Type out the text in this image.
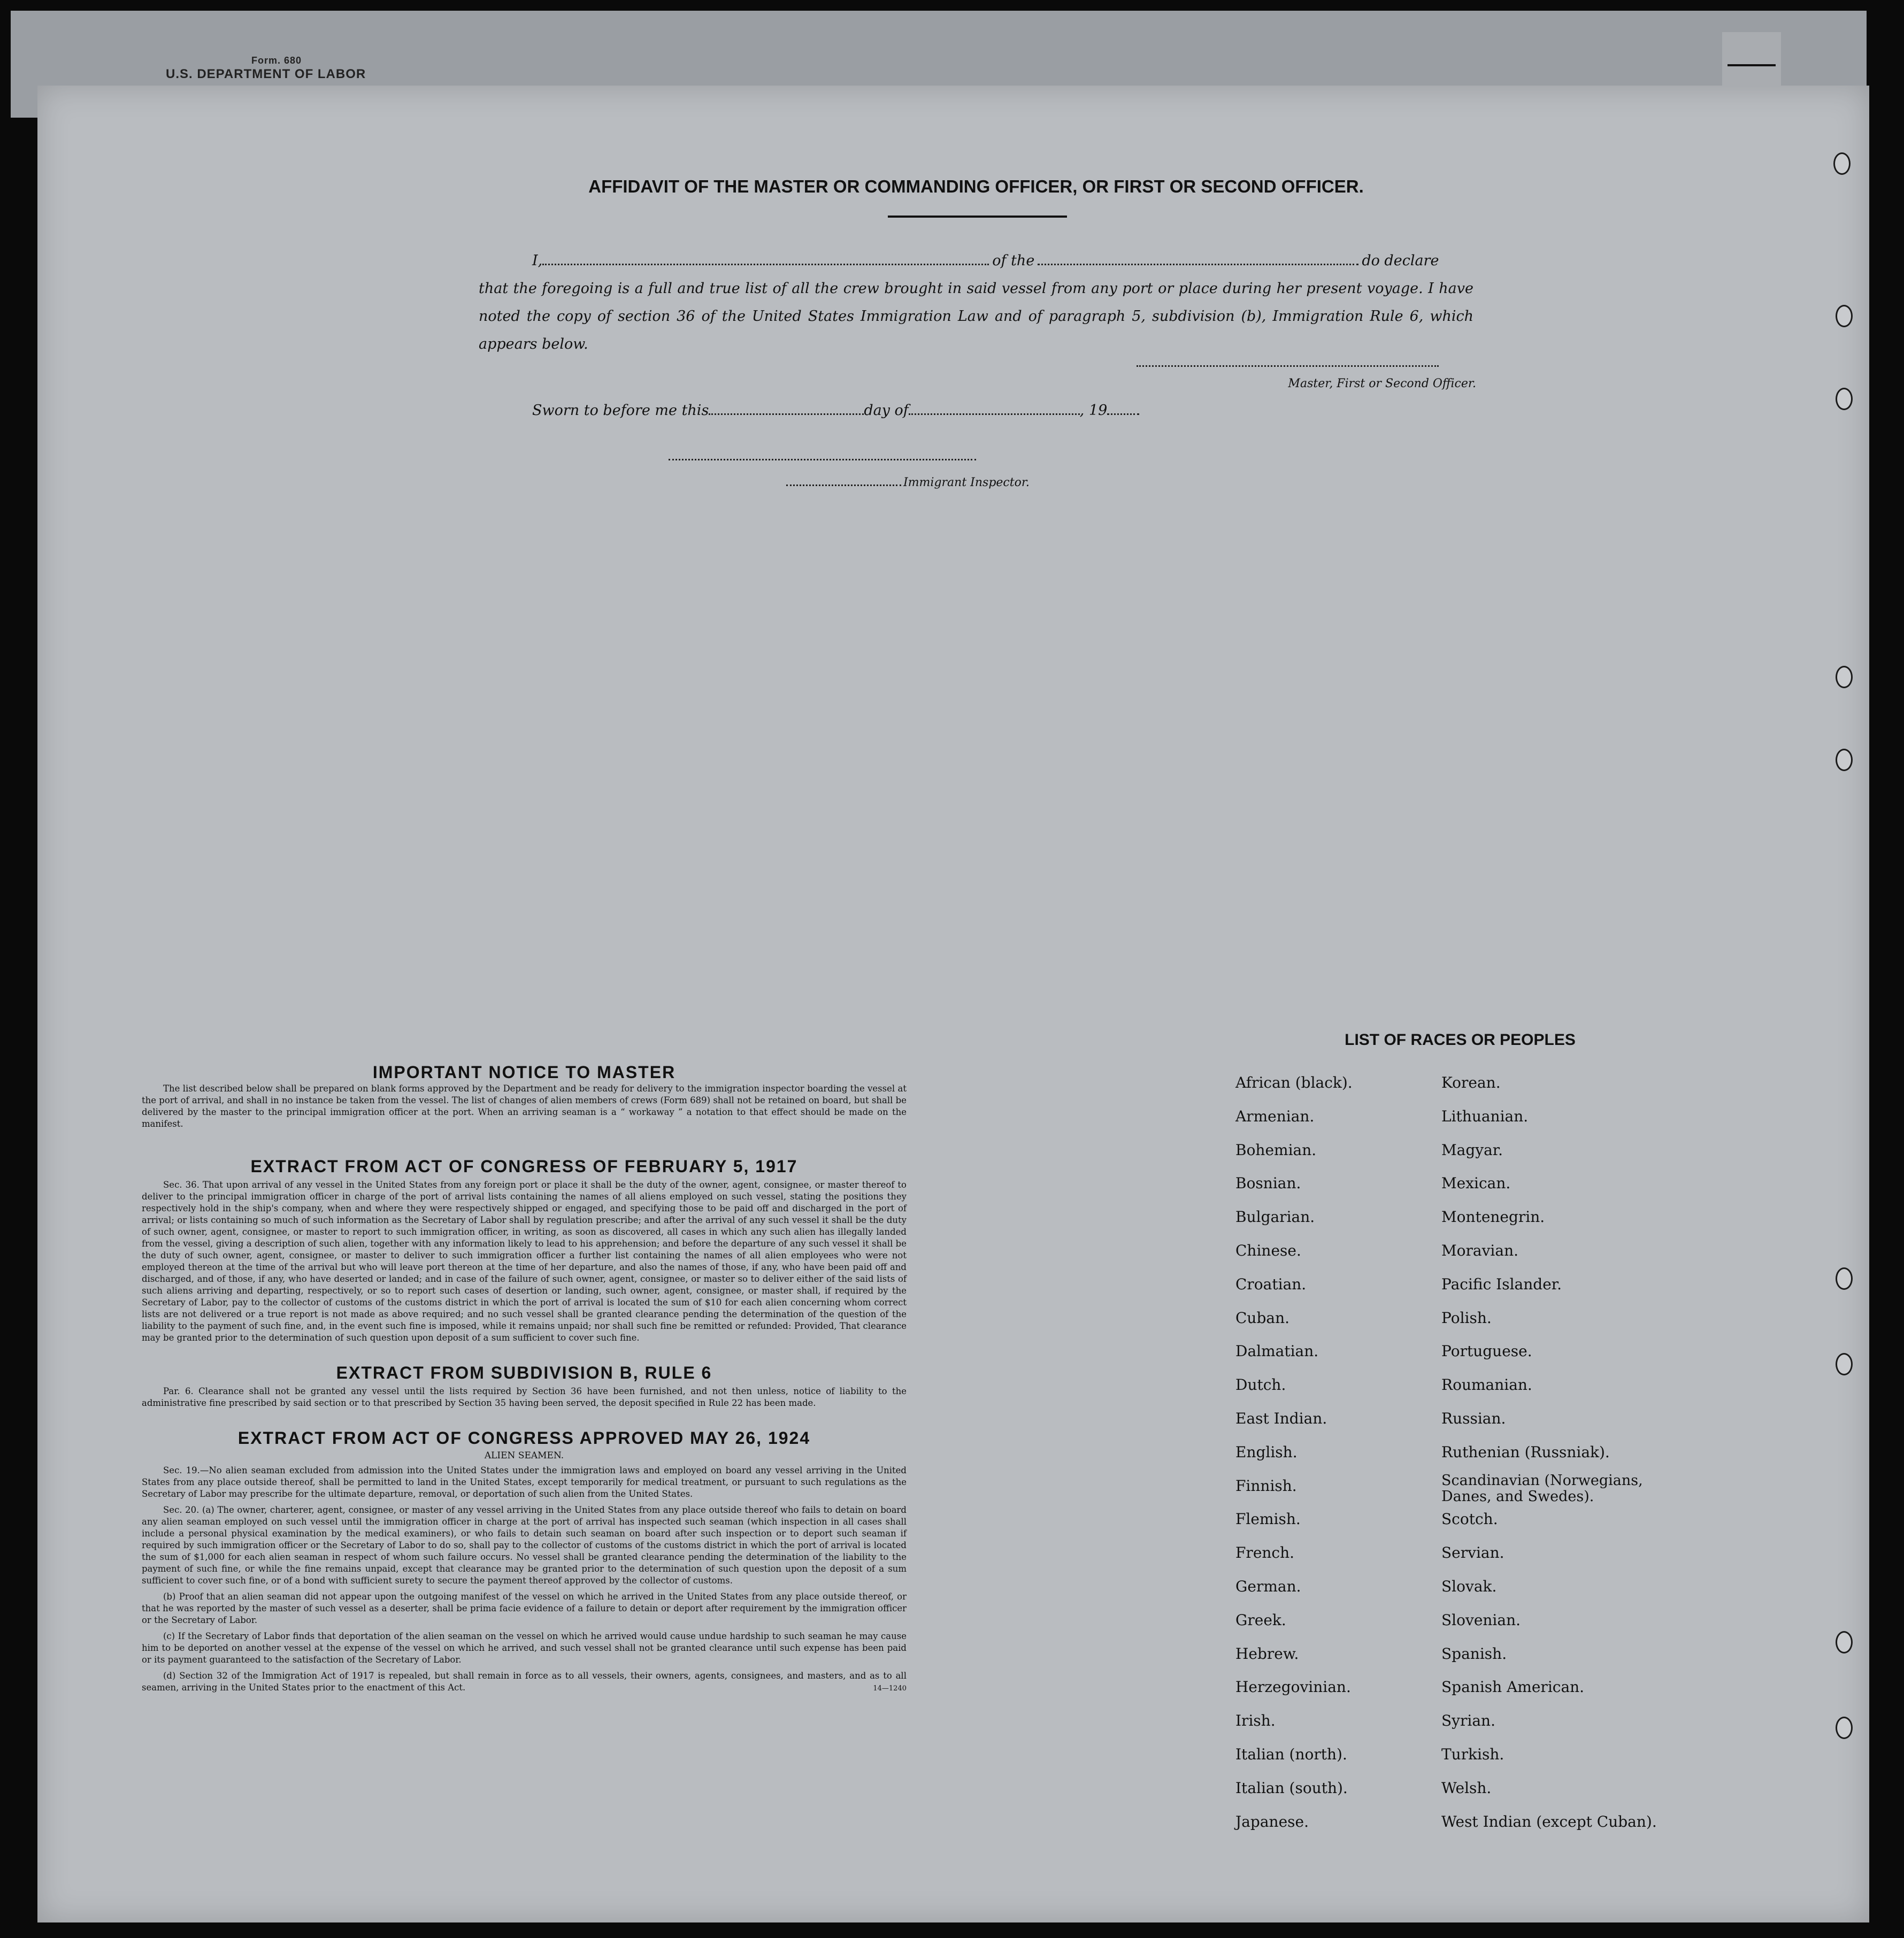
Form. 680
U.S. DEPARTMENT OF LABOR
AFFIDAVIT OF THE MASTER OR COMMANDING OFFICER, OR FIRST OR SECOND OFFICER.

I,	of the	do declare

that the foregoing is a full and true list of all the crew brought in said vessel from any port or place during her present voyage. I have noted the copy of section 36 of the United States Immigration Law and of paragraph 5, subdivision (b), Immigration Rule 6, which appears below.

Master, First or Second Officer.
Sworn to before me this	day of	, 19
Immigrant Inspector.
IMPORTANT NOTICE TO MASTER

The list described below shall be prepared on blank forms approved by the Department and be ready for delivery to the immigration inspector boarding the vessel at the port of arrival, and shall in no instance be taken from the vessel. The list of changes of alien members of crews (Form 689) shall not be retained on board, but shall be delivered by the master to the principal immigration officer at the port. When an arriving seaman is a “ workaway ” a notation to that effect should be made on the manifest.

EXTRACT FROM ACT OF CONGRESS OF FEBRUARY 5, 1917

Sec. 36. That upon arrival of any vessel in the United States from any foreign port or place it shall be the duty of the owner, agent, consignee, or master thereof to deliver to the principal immigration officer in charge of the port of arrival lists containing the names of all aliens employed on such vessel, stating the positions they respectively hold in the ship's company, when and where they were respectively shipped or engaged, and specifying those to be paid off and discharged in the port of arrival; or lists containing so much of such information as the Secretary of Labor shall by regulation prescribe; and after the arrival of any such vessel it shall be the duty of such owner, agent, consignee, or master to report to such immigration officer, in writing, as soon as discovered, all cases in which any such alien has illegally landed from the vessel, giving a description of such alien, together with any information likely to lead to his apprehension; and before the departure of any such vessel it shall be the duty of such owner, agent, consignee, or master to deliver to such immigration officer a further list containing the names of all alien employees who were not employed thereon at the time of the arrival but who will leave port thereon at the time of her departure, and also the names of those, if any, who have been paid off and discharged, and of those, if any, who have deserted or landed; and in case of the failure of such owner, agent, consignee, or master so to deliver either of the said lists of such aliens arriving and departing, respectively, or so to report such cases of desertion or landing, such owner, agent, consignee, or master shall, if required by the Secretary of Labor, pay to the collector of customs of the customs district in which the port of arrival is located the sum of $10 for each alien concerning whom correct lists are not delivered or a true report is not made as above required; and no such vessel shall be granted clearance pending the determination of the question of the liability to the payment of such fine, and, in the event such fine is imposed, while it remains unpaid; nor shall such fine be remitted or refunded: Provided, That clearance may be granted prior to the determination of such question upon deposit of a sum sufficient to cover such fine.

EXTRACT FROM SUBDIVISION B, RULE 6

Par. 6. Clearance shall not be granted any vessel until the lists required by Section 36 have been furnished, and not then unless, notice of liability to the administrative fine prescribed by said section or to that prescribed by Section 35 having been served, the deposit specified in Rule 22 has been made.

EXTRACT FROM ACT OF CONGRESS APPROVED MAY 26, 1924
ALIEN SEAMEN.

Sec. 19.—No alien seaman excluded from admission into the United States under the immigration laws and employed on board any vessel arriving in the United States from any place outside thereof, shall be permitted to land in the United States, except temporarily for medical treatment, or pursuant to such regulations as the Secretary of Labor may prescribe for the ultimate departure, removal, or deportation of such alien from the United States.

Sec. 20. (a) The owner, charterer, agent, consignee, or master of any vessel arriving in the United States from any place outside thereof who fails to detain on board any alien seaman employed on such vessel until the immigration officer in charge at the port of arrival has inspected such seaman (which inspection in all cases shall include a personal physical examination by the medical examiners), or who fails to detain such seaman on board after such inspection or to deport such seaman if required by such immigration officer or the Secretary of Labor to do so, shall pay to the collector of customs of the customs district in which the port of arrival is located the sum of $1,000 for each alien seaman in respect of whom such failure occurs. No vessel shall be granted clearance pending the determination of the liability to the payment of such fine, or while the fine remains unpaid, except that clearance may be granted prior to the determination of such question upon the deposit of a sum sufficient to cover such fine, or of a bond with sufficient surety to secure the payment thereof approved by the collector of customs.

(b) Proof that an alien seaman did not appear upon the outgoing manifest of the vessel on which he arrived in the United States from any place outside thereof, or that he was reported by the master of such vessel as a deserter, shall be prima facie evidence of a failure to detain or deport after requirement by the immigration officer or the Secretary of Labor.

(c) If the Secretary of Labor finds that deportation of the alien seaman on the vessel on which he arrived would cause undue hardship to such seaman he may cause him to be deported on another vessel at the expense of the vessel on which he arrived, and such vessel shall not be granted clearance until such expense has been paid or its payment guaranteed to the satisfaction of the Secretary of Labor.

(d) Section 32 of the Immigration Act of 1917 is repealed, but shall remain in force as to all vessels, their owners, agents, consignees, and masters, and as to all seamen, arriving in the United States prior to the enactment of this Act.	14—1240
LIST OF RACES OR PEOPLES
African (black).
Armenian.
Bohemian.
Bosnian.
Bulgarian.
Chinese.
Croatian.
Cuban.
Dalmatian.
Dutch.
East Indian.
English.
Finnish.
Flemish.
French.
German.
Greek.
Hebrew.
Herzegovinian.
Irish.
Italian (north).
Italian (south).
Japanese.
Korean.
Lithuanian.
Magyar.
Mexican.
Montenegrin.
Moravian.
Pacific Islander.
Polish.
Portuguese.
Roumanian.
Russian.
Ruthenian (Russniak).
Scandinavian (Norwegians, Danes, and Swedes).
Scotch.
Servian.
Slovak.
Slovenian.
Spanish.
Spanish American.
Syrian.
Turkish.
Welsh.
West Indian (except Cuban).
